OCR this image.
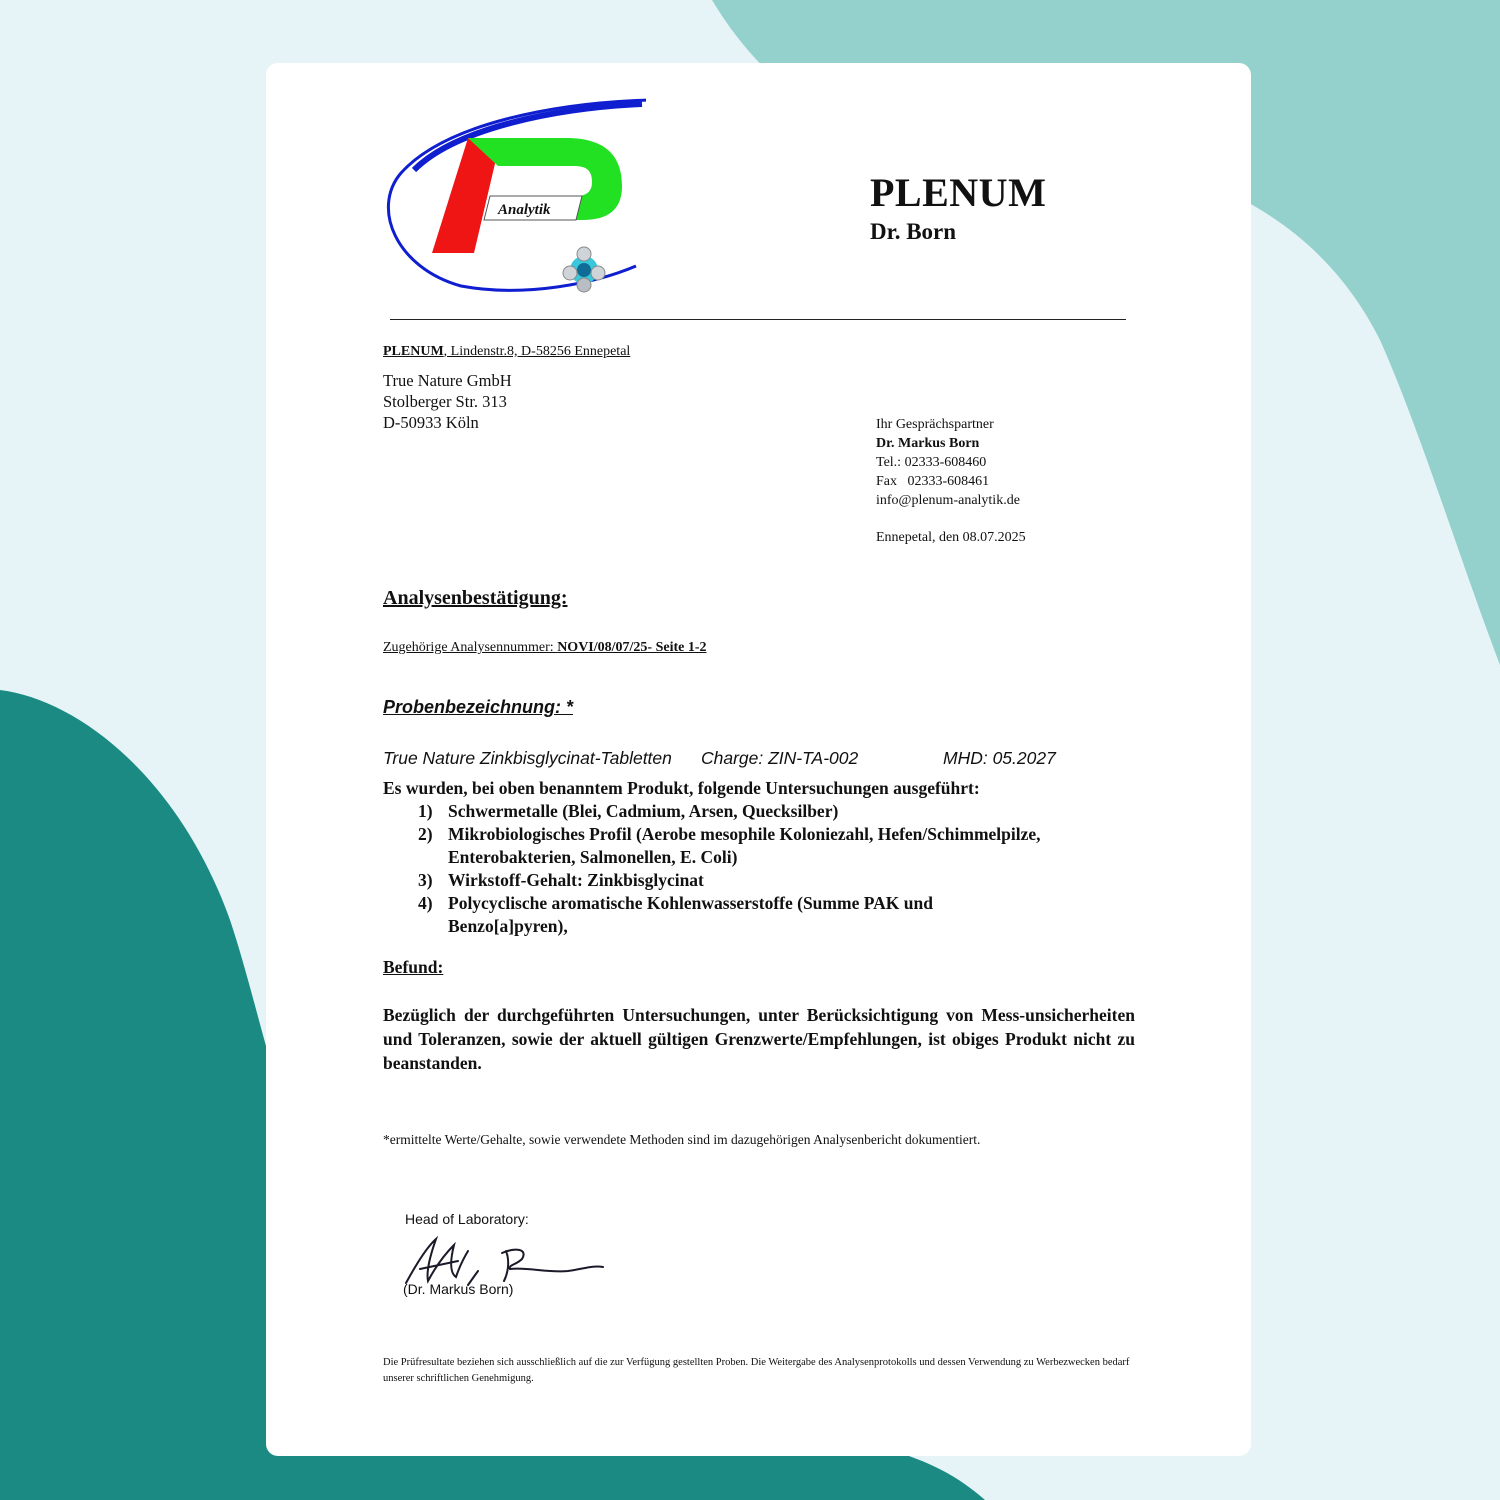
Analytik	PLENUM
Dr. Born
PLENUM, Lindenstr.8, D-58256 Ennepetal
True Nature GmbH
Stolberger Str. 313
D-50933 Köln	Ihr Gesprächspartner
Dr. Markus Born
Tel.: 02333-608460
Fax   02333-608461
info@plenum-analytik.de
Ennepetal, den 08.07.2025
Analysenbestätigung:
Zugehörige Analysennummer: NOVI/08/07/25- Seite 1-2
Probenbezeichnung: *

True Nature Zinkbisglycinat-Tabletten

Charge: ZIN-TA-002

	MHD: 05.2027

Es wurden, bei oben benanntem Produkt, folgende Untersuchungen ausgeführt:
1) Schwermetalle (Blei, Cadmium, Arsen, Quecksilber)
2) Mikrobiologisches Profil (Aerobe mesophile Koloniezahl, Hefen/Schimmelpilze, Enterobakterien, Salmonellen, E. Coli)
3) Wirkstoff-Gehalt: Zinkbisglycinat
4) Polycyclische aromatische Kohlenwasserstoffe (Summe PAK und Benzo[a]pyren),
Befund:
Bezüglich der durchgeführten Untersuchungen, unter Berücksichtigung von Mess-unsicherheiten und Toleranzen, sowie der aktuell gültigen Grenzwerte/Empfehlungen, ist obiges Produkt nicht zu beanstanden.
*ermittelte Werte/Gehalte, sowie verwendete Methoden sind im dazugehörigen Analysenbericht dokumentiert.
Head of Laboratory:
(Dr. Markus Born)
Die Prüfresultate beziehen sich ausschließlich auf die zur Verfügung gestellten Proben. Die Weitergabe des Analysenprotokolls und dessen Verwendung zu Werbezwecken bedarf unserer schriftlichen Genehmigung.
